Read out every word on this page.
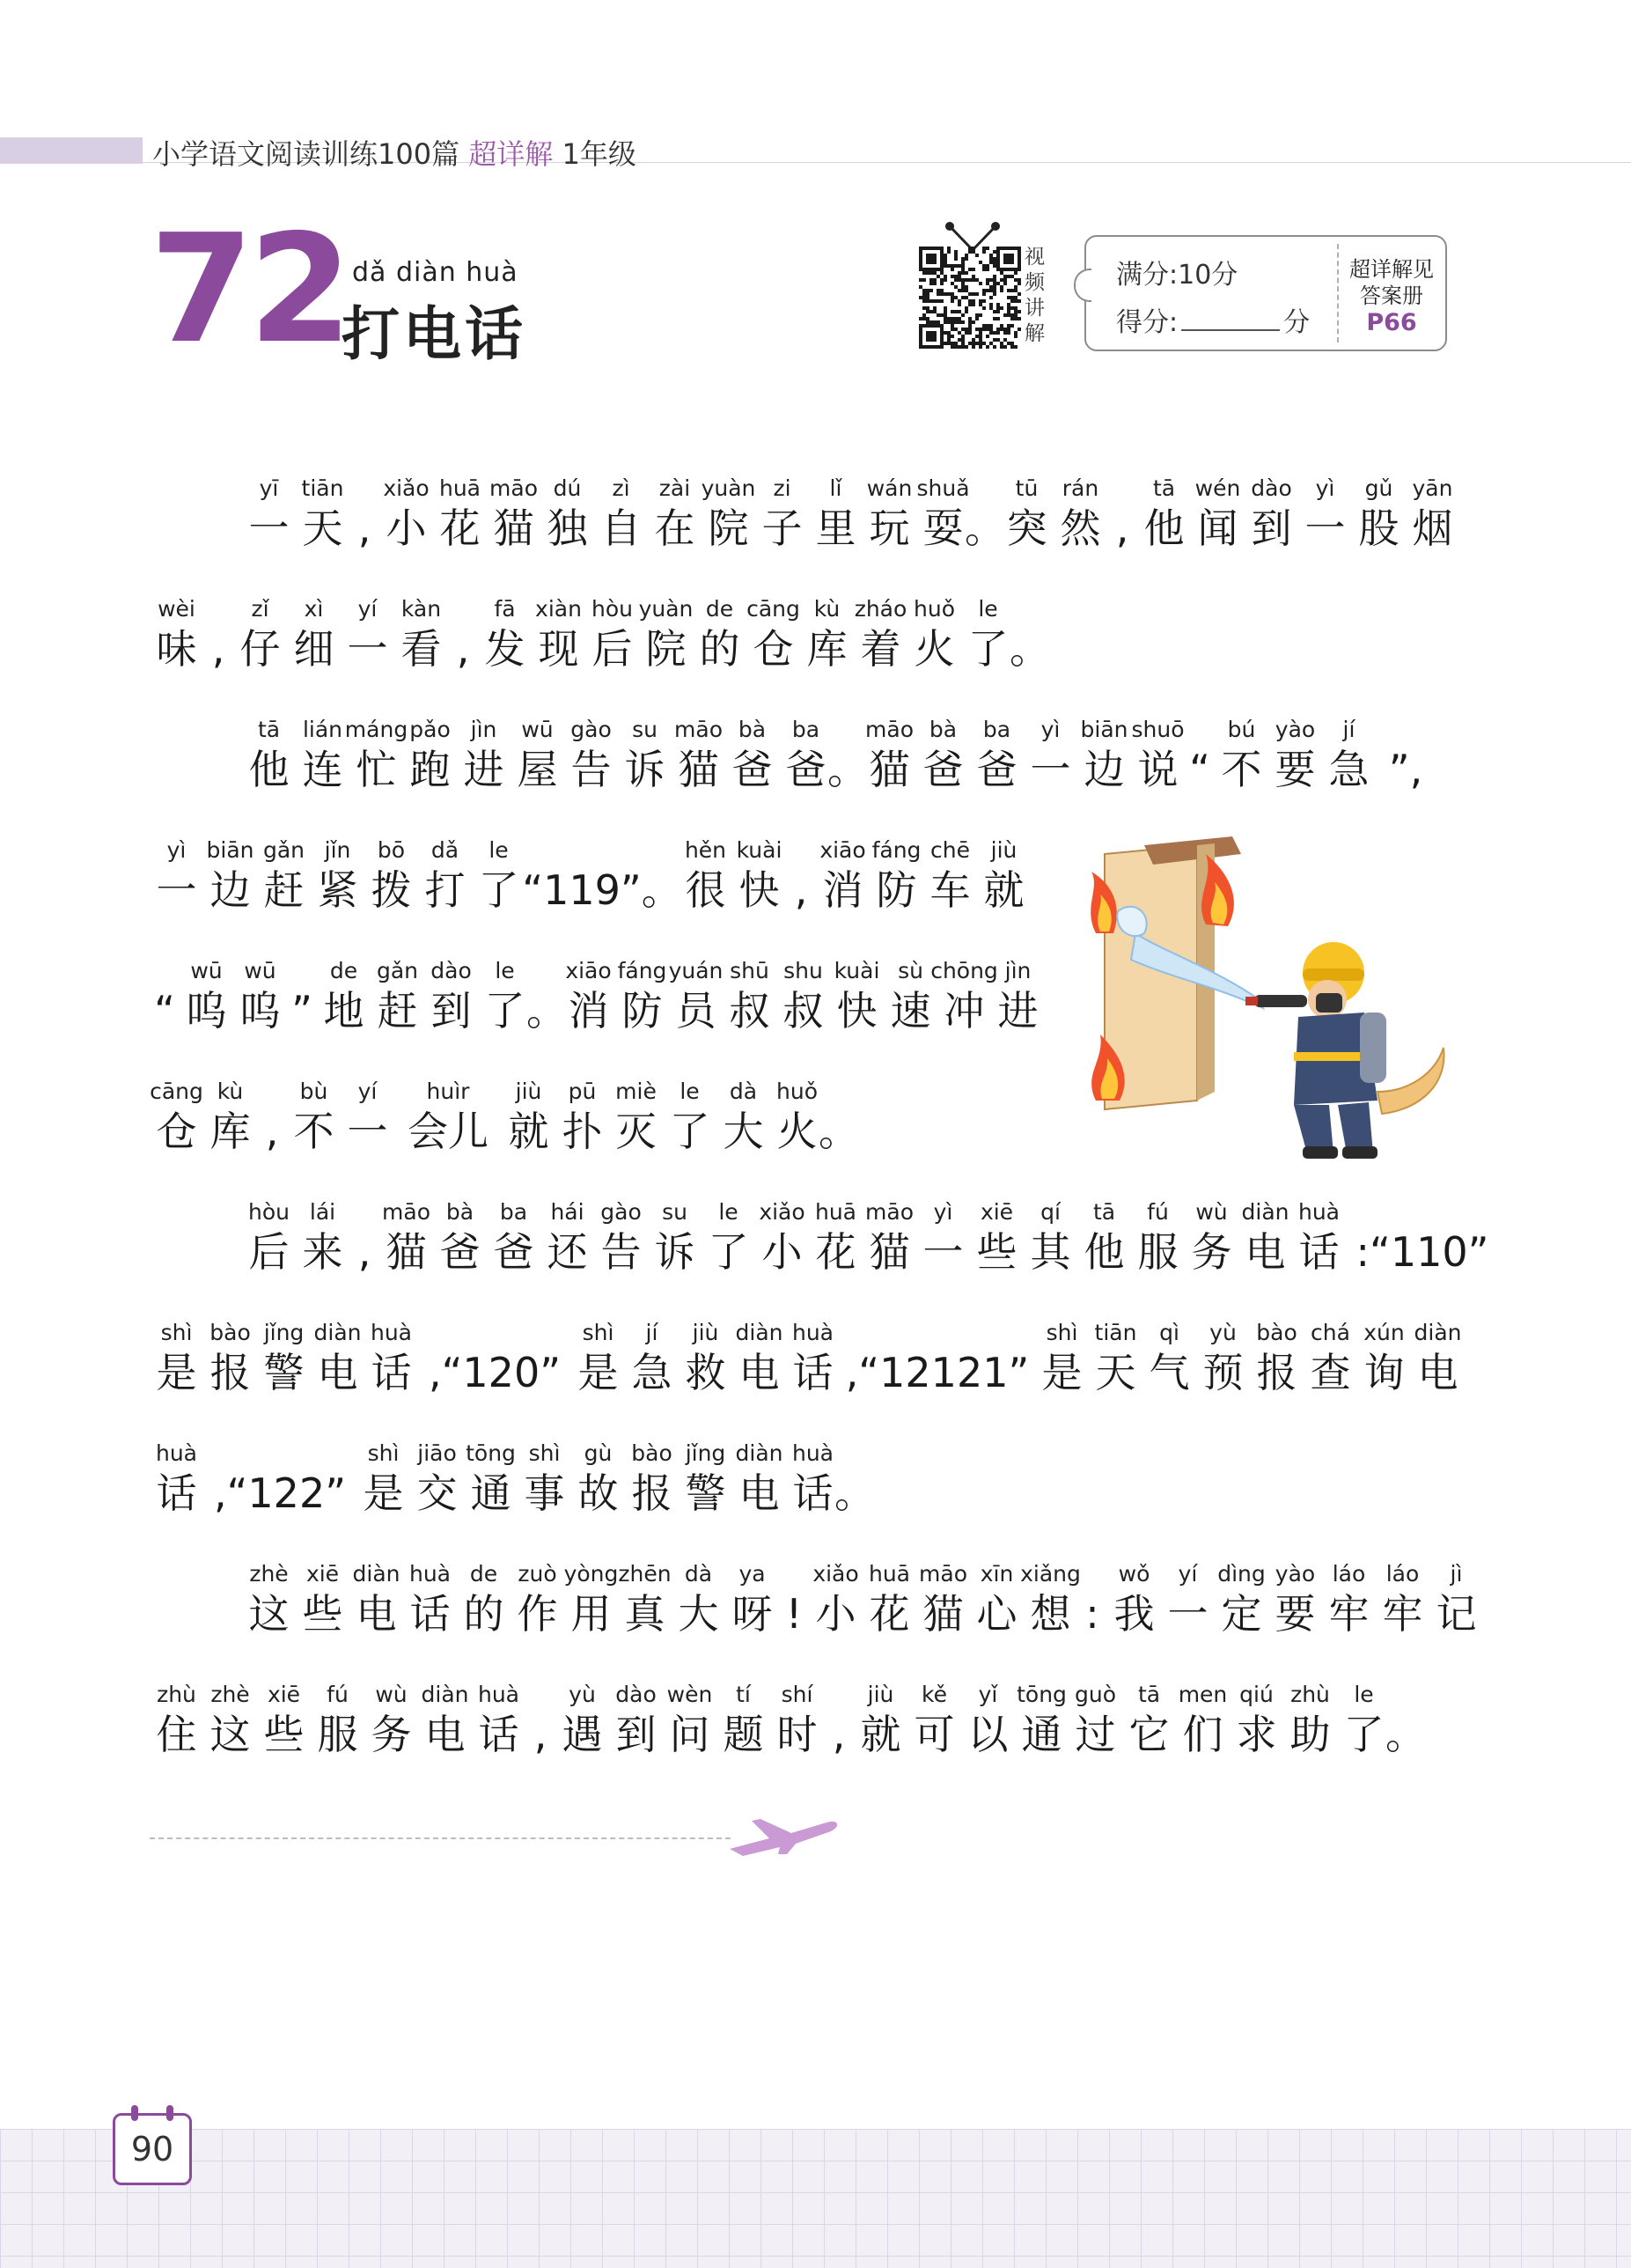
小学语文阅读训练100篇 超详解 1年级
72 dǎ diàn huà
打电话
视
频
讲
解
满分:10分
得分:	分
超详解见
答案册
P66
yī
一
tiān
天 ,
xiǎo
小
huā
花
māo
猫
dú
独
zì
自
zài
在
yuàn
院
zi
子
lǐ
里
wán
玩
shuǎ
耍 。
tū
突
rán
然 ,
tā
他
wén
闻
dào
到
yì
一
gǔ
股
yān
烟
wèi
味 ,
zǐ
仔
xì
细
yí
一
kàn
看 ,
fā
发
xiàn
现
hòu
后
yuàn
院
de
的
cāng
仓
kù
库
zháo
着
huǒ
火
le
了 。
tā
他
lián
连
máng
忙
pǎo
跑
jìn
进
wū
屋
gào
告
su
诉
māo
猫
bà
爸
ba
爸 。
māo
猫
bà
爸
ba
爸
yì
一
biān
边
shuō
说 “
bú
不
yào
要
jí
急 ”,
yì
一
biān
边
gǎn
赶
jǐn
紧
bō
拨
dǎ
打
le
了 “119”。
hěn
很
kuài
快 ,
xiāo
消
fáng
防
chē
车
jiù
就
“
wū
呜
wū
呜 ”
de
地
gǎn
赶
dào
到
le
了 。
xiāo
消
fáng
防
yuán
员
shū
叔
shu
叔
kuài
快
sù
速
chōng
冲
jìn
进
cāng
仓
kù
库 ,
bù
不
yí
一
huìr
会儿
jiù
就
pū
扑
miè
灭
le
了
dà
大
huǒ
火 。
hòu
后
lái
来 ,
māo
猫
bà
爸
ba
爸
hái
还
gào
告
su
诉
le
了
xiǎo
小
huā
花
māo
猫
yì
一
xiē
些
qí
其
tā
他
fú
服
wù
务
diàn
电
huà
话 :“110”
shì
是
bào
报
jǐng
警
diàn
电
huà
话 ,“120”
shì
是
jí
急
jiù
救
diàn
电
huà
话 ,“12121”
shì
是
tiān
天
qì
气
yù
预
bào
报
chá
查
xún
询
diàn
电
huà
话 ,“122”
shì
是
jiāo
交
tōng
通
shì
事
gù
故
bào
报
jǐng
警
diàn
电
huà
话 。
zhè
这
xiē
些
diàn
电
huà
话
de
的
zuò
作
yòng
用
zhēn
真
dà
大
ya
呀 !
xiǎo
小
huā
花
māo
猫
xīn
心
xiǎng
想 :
wǒ
我
yí
一
dìng
定
yào
要
láo
牢
láo
牢
jì
记
zhù
住
zhè
这
xiē
些
fú
服
wù
务
diàn
电
huà
话 ,
yù
遇
dào
到
wèn
问
tí
题
shí
时 ,
jiù
就
kě
可
yǐ
以
tōng
通
guò
过
tā
它
men
们
qiú
求
zhù
助
le
了 。
90
